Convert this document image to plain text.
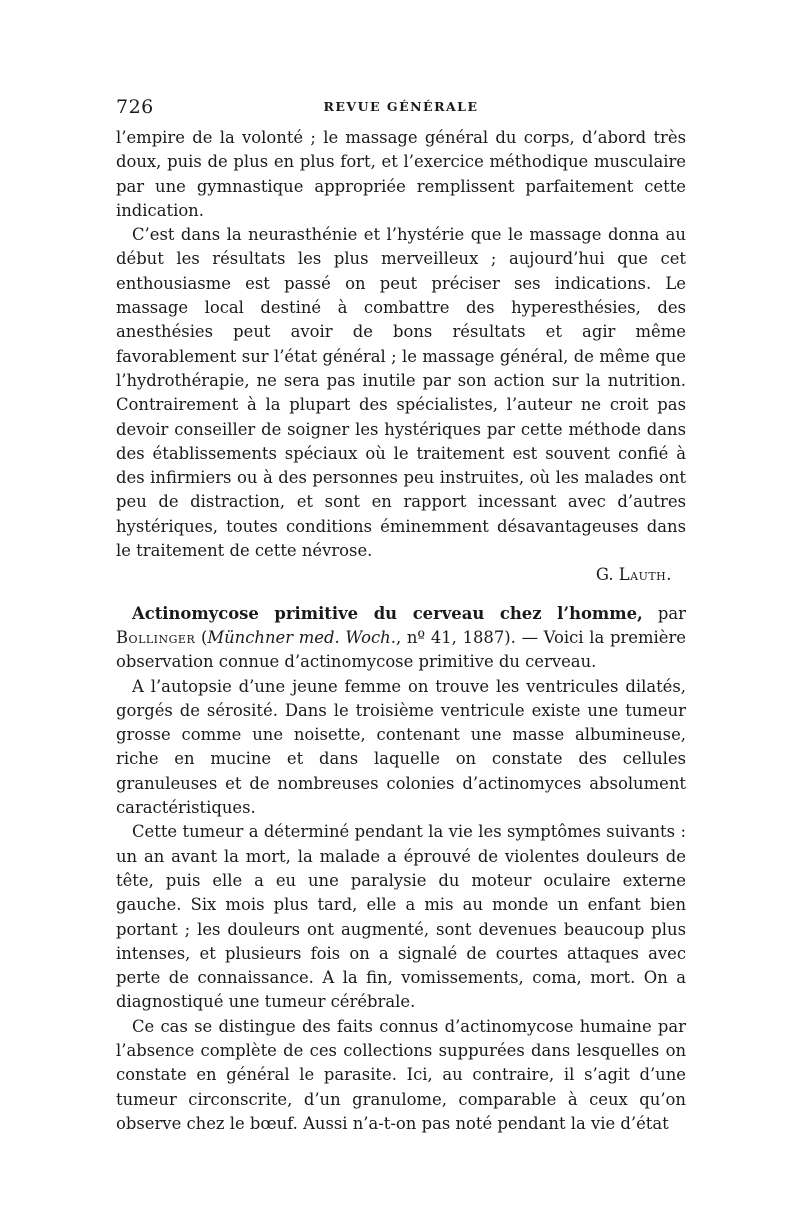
726	REVUE GÉNÉRALE

l’empire de la volonté ; le massage général du corps, d’abord très doux, puis de plus en plus fort, et l’exercice méthodique musculaire par une gymnastique appropriée remplissent parfaitement cette indication.

C’est dans la neurasthénie et l’hystérie que le massage donna au début les résultats les plus merveilleux ; aujourd’hui que cet enthousiasme est passé on peut préciser ses indications. Le massage local destiné à combattre des hyperesthésies, des anesthésies peut avoir de bons résultats et agir même favorablement sur l’état général ; le massage général, de même que l’hydrothérapie, ne sera pas inutile par son action sur la nutrition. Contrairement à la plupart des spécialistes, l’auteur ne croit pas devoir conseiller de soigner les hystériques par cette méthode dans des établissements spéciaux où le traitement est souvent confié à des infirmiers ou à des personnes peu instruites, où les malades ont peu de distraction, et sont en rapport incessant avec d’autres hystériques, toutes conditions éminemment désavantageuses dans le traitement de cette névrose.

G. Lauth.

Actinomycose primitive du cerveau chez l’homme, par Bollinger (Münchner med. Woch., nº 41, 1887). — Voici la première observation connue d’actinomycose primitive du cerveau.

A l’autopsie d’une jeune femme on trouve les ventricules dilatés, gorgés de sérosité. Dans le troisième ventricule existe une tumeur grosse comme une noisette, contenant une masse albumineuse, riche en mucine et dans laquelle on constate des cellules granuleuses et de nombreuses colonies d’actinomyces absolument caractéristiques.

Cette tumeur a déterminé pendant la vie les symptômes suivants : un an avant la mort, la malade a éprouvé de violentes douleurs de tête, puis elle a eu une paralysie du moteur oculaire externe gauche. Six mois plus tard, elle a mis au monde un enfant bien portant ; les douleurs ont augmenté, sont devenues beaucoup plus intenses, et plusieurs fois on a signalé de courtes attaques avec perte de connaissance. A la fin, vomissements, coma, mort. On a diagnostiqué une tumeur cérébrale.

Ce cas se distingue des faits connus d’actinomycose humaine par l’absence complète de ces collections suppurées dans lesquelles on constate en général le parasite. Ici, au contraire, il s’agit d’une tumeur circonscrite, d’un granulome, comparable à ceux qu’on observe chez le bœuf. Aussi n’a-t-on pas noté pendant la vie d’état
